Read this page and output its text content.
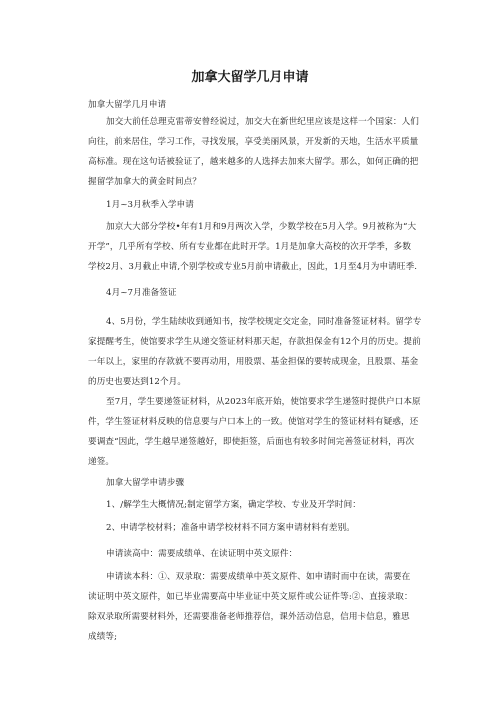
加拿大留学几月申请
加拿大留学几月申请
加交大前任总理克雷蒂安曾经说过，加交大在新世纪里应该是这样一个国家：人们
向往，前来居住，学习工作，寻找发展，享受美丽风景，开发新的天地，生活水平质量
高标准。现在这句话被验证了，越来越多的人选择去加來大留学。那么，如何正确的把
握留学加拿大的黄金时间点？
1月~3月秋季入学申请
加京大大部分学校•年有1月和9月两次入学，少数学校在5月入学。9月被称为“大
开学”，几乎所有学校、所有专业都在此时开学。1月是加拿大高校的次开学季，多数
学校2月、3月截止申请,个别学校或专业5月前申请截止，因此，1月至4月为申请旺季.
4月~7月准备签证
4、5月份，学生陆续收到通知书，按学校规定交定金，同时准备签证材料。留学专
家提醒考生，使馆要求学生从递交签证材料那天起，存款担保金有12个月的历史。提前
一年以上，家里的存款就不要再动用，用股票、基金担保的要转成现金，且股票、基金
的历史也要达到12个月。
至7月，学生要递签证材料，从2023年底开始，使馆要求学生递签时提供户口本原
件，学生签证材料反映的信息要与户口本上的一致。使馆对学生的签证材料有疑惑，还
要调查“因此，学生越早递签越好，即使拒签，后面也有较多时间完善签证材料，再次
递签。
加拿大留学申请步骤
1、/解学生大概情况;制定留学方案，确定学校、专业及开学时间：
2、申请学校材料；准备申请学校材料不同方案申请材料有差别。
申请读高中：需要成绩单、在读证明中英文原件：
申请读本科：①、双录取：需要成绩单中英文原件、如申请时而中在读，需要在
读证明中英文原件，如已毕业需要高中毕业证中英文原件或公证件等:②、直接录取：
除双录取所需要材料外，还需要准备老师推荐信，课外活动信息，信用卡信息，雅思
成绩等;
